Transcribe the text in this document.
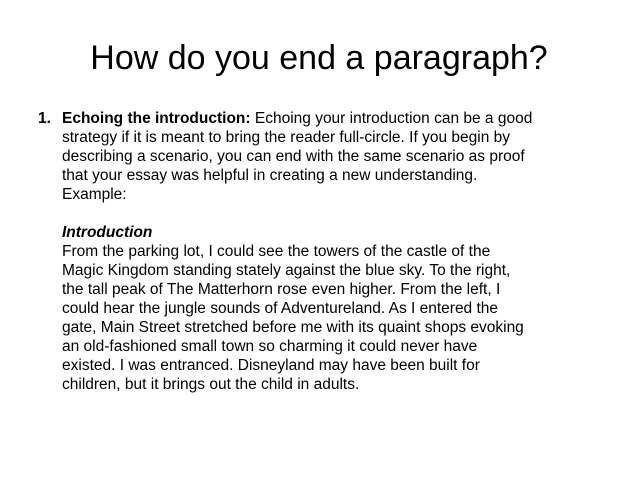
How do you end a paragraph?
1. Echoing the introduction: Echoing your introduction can be a good
strategy if it is meant to bring the reader full-circle. If you begin by
describing a scenario, you can end with the same scenario as proof
that your essay was helpful in creating a new understanding.
Example:
Introduction
From the parking lot, I could see the towers of the castle of the
Magic Kingdom standing stately against the blue sky. To the right,
the tall peak of The Matterhorn rose even higher. From the left, I
could hear the jungle sounds of Adventureland. As I entered the
gate, Main Street stretched before me with its quaint shops evoking
an old-fashioned small town so charming it could never have
existed. I was entranced. Disneyland may have been built for
children, but it brings out the child in adults.
